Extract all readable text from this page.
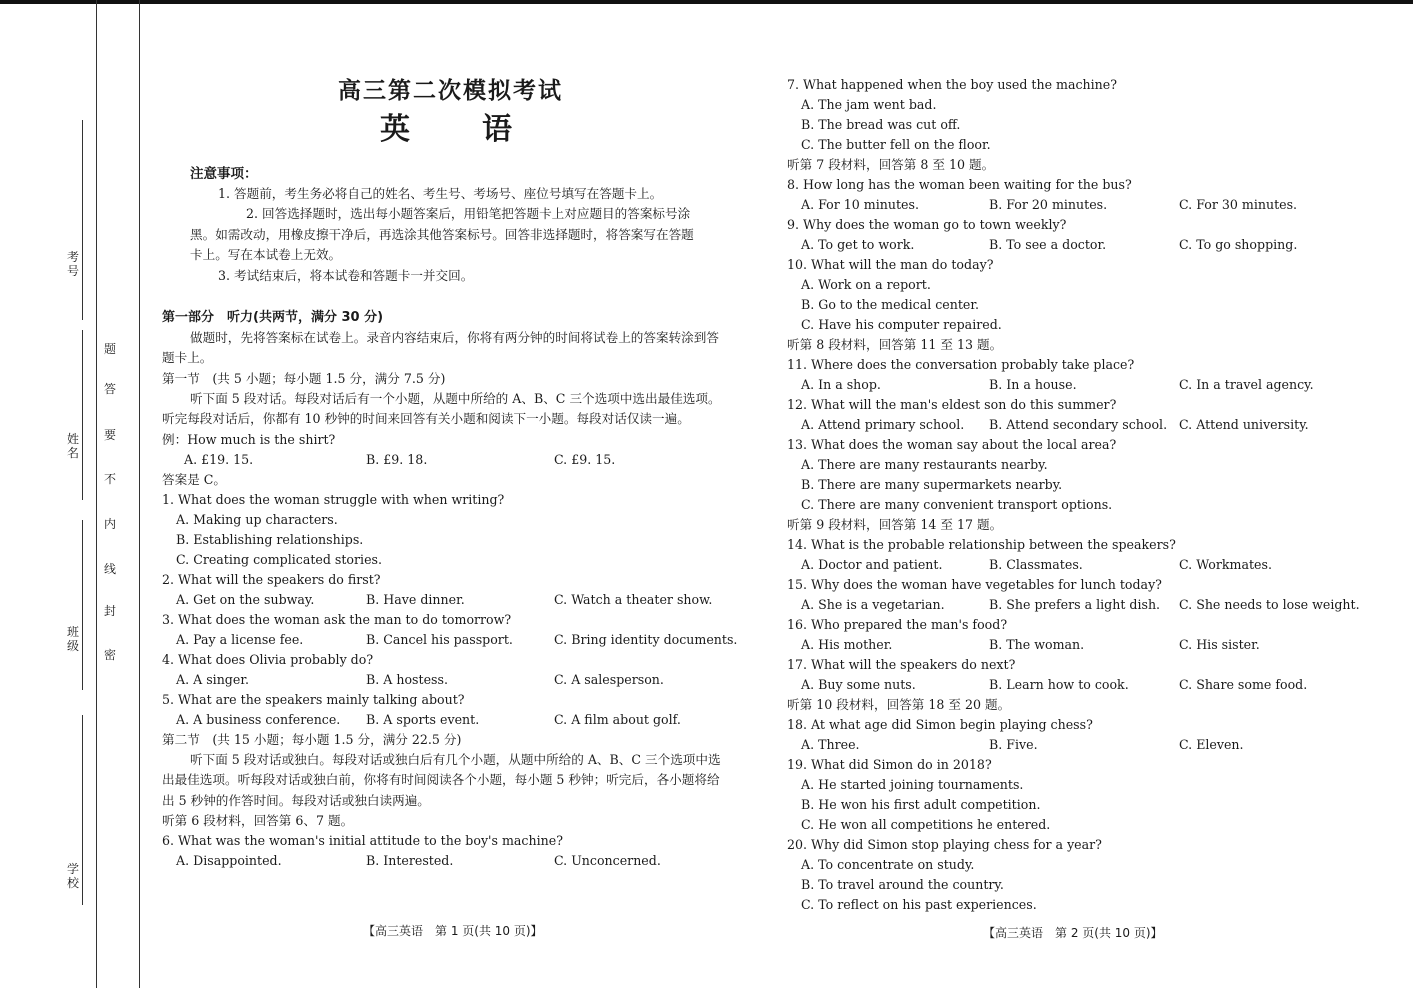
考号
姓名
班级
学校
题
答
要
不
内
线
封
密
高三第二次模拟考试
英语
注意事项：
1. 答题前，考生务必将自己的姓名、考生号、考场号、座位号填写在答题卡上。
2. 回答选择题时，选出每小题答案后，用铅笔把答题卡上对应题目的答案标号涂黑。如需改动，用橡皮擦干净后，再选涂其他答案标号。回答非选择题时，将答案写在答题卡上。写在本试卷上无效。
3. 考试结束后，将本试卷和答题卡一并交回。
第一部分　听力(共两节，满分 30 分)
做题时，先将答案标在试卷上。录音内容结束后，你将有两分钟的时间将试卷上的答案转涂到答题卡上。
第一节　(共 5 小题；每小题 1.5 分，满分 7.5 分)
听下面 5 段对话。每段对话后有一个小题，从题中所给的 A、B、C 三个选项中选出最佳选项。听完每段对话后，你都有 10 秒钟的时间来回答有关小题和阅读下一小题。每段对话仅读一遍。
例：How much is the shirt?
A. £19. 15.	B. £9. 18.	C. £9. 15.
答案是 C。
1. What does the woman struggle with when writing?
A. Making up characters.
B. Establishing relationships.
C. Creating complicated stories.
2. What will the speakers do first?
A. Get on the subway.	B. Have dinner.	C. Watch a theater show.
3. What does the woman ask the man to do tomorrow?
A. Pay a license fee.	B. Cancel his passport.	C. Bring identity documents.
4. What does Olivia probably do?
A. A singer.	B. A hostess.	C. A salesperson.
5. What are the speakers mainly talking about?
A. A business conference. B. A sports event.	C. A film about golf.
第二节　(共 15 小题；每小题 1.5 分，满分 22.5 分)
听下面 5 段对话或独白。每段对话或独白后有几个小题，从题中所给的 A、B、C 三个选项中选出最佳选项。听每段对话或独白前，你将有时间阅读各个小题，每小题 5 秒钟；听完后，各小题将给出 5 秒钟的作答时间。每段对话或独白读两遍。
听第 6 段材料，回答第 6、7 题。
6. What was the woman's initial attitude to the boy's machine?
A. Disappointed.	B. Interested.	C. Unconcerned.
7. What happened when the boy used the machine?
A. The jam went bad.
B. The bread was cut off.
C. The butter fell on the floor.
听第 7 段材料，回答第 8 至 10 题。
8. How long has the woman been waiting for the bus?
A. For 10 minutes.	B. For 20 minutes.	C. For 30 minutes.
9. Why does the woman go to town weekly?
A. To get to work.	B. To see a doctor.	C. To go shopping.
10. What will the man do today?
A. Work on a report.
B. Go to the medical center.
C. Have his computer repaired.
听第 8 段材料，回答第 11 至 13 题。
11. Where does the conversation probably take place?
A. In a shop.	B. In a house.	C. In a travel agency.
12. What will the man's eldest son do this summer?
A. Attend primary school. B. Attend secondary school. C. Attend university.
13. What does the woman say about the local area?
A. There are many restaurants nearby.
B. There are many supermarkets nearby.
C. There are many convenient transport options.
听第 9 段材料，回答第 14 至 17 题。
14. What is the probable relationship between the speakers?
A. Doctor and patient.	B. Classmates.	C. Workmates.
15. Why does the woman have vegetables for lunch today?
A. She is a vegetarian.	B. She prefers a light dish. C. She needs to lose weight.
16. Who prepared the man's food?
A. His mother.	B. The woman.	C. His sister.
17. What will the speakers do next?
A. Buy some nuts.	B. Learn how to cook.	C. Share some food.
听第 10 段材料，回答第 18 至 20 题。
18. At what age did Simon begin playing chess?
A. Three.	B. Five.	C. Eleven.
19. What did Simon do in 2018?
A. He started joining tournaments.
B. He won his first adult competition.
C. He won all competitions he entered.
20. Why did Simon stop playing chess for a year?
A. To concentrate on study.
B. To travel around the country.
C. To reflect on his past experiences.
【高三英语　第 1 页(共 10 页)】	【高三英语　第 2 页(共 10 页)】
